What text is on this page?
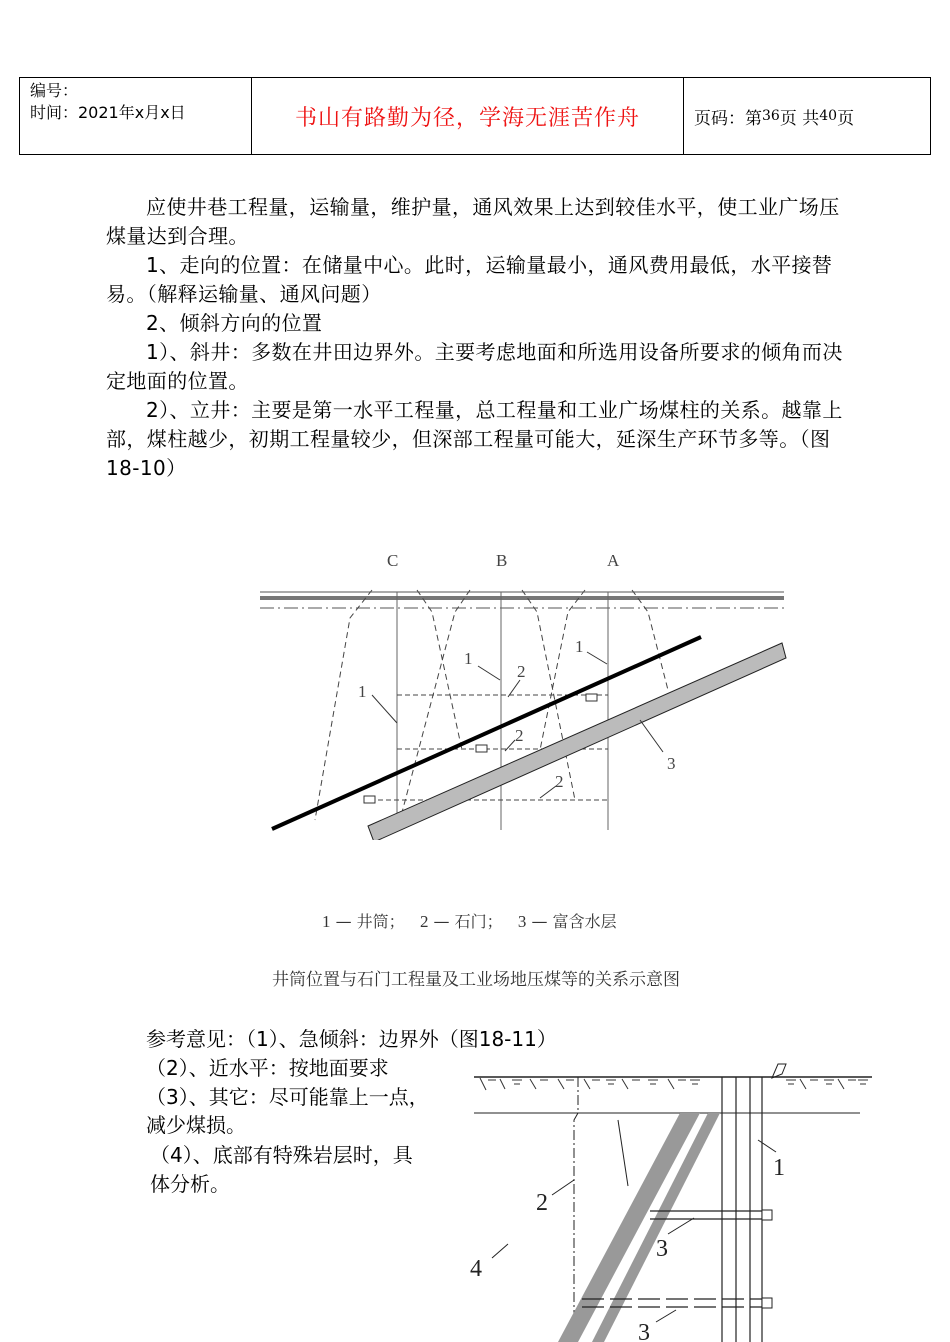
编号：
时间：2021年x月x日	书山有路勤为径，学海无涯苦作舟	页码：第 36 页 共 40 页
应使井巷工程量，运输量，维护量，通风效果上达到较佳水平，使工业广场压煤量达到合理。
1、走向的位置：在储量中心。此时，运输量最小，通风费用最低，水平接替易。（解释运输量、通风问题）
2、倾斜方向的位置
1）、斜井：多数在井田边界外。主要考虑地面和所选用设备所要求的倾角而决定地面的位置。
2）、立井：主要是第一水平工程量，总工程量和工业广场煤柱的关系。越靠上部，煤柱越少，初期工程量较少，但深部工程量可能大，延深生产环节多等。（图18-10）
C	B	A
1
1
1
2
2
2
3
1 — 井筒； 2 — 石门； 3 — 富含水层
井筒位置与石门工程量及工业场地压煤等的关系示意图
参考意见：（1）、急倾斜：边界外（图18-11）
（2）、近水平：按地面要求
（3）、其它：尽可能靠上一点，
减少煤损。
（4）、底部有特殊岩层时，具
体分析。
1
2
3
3
4
